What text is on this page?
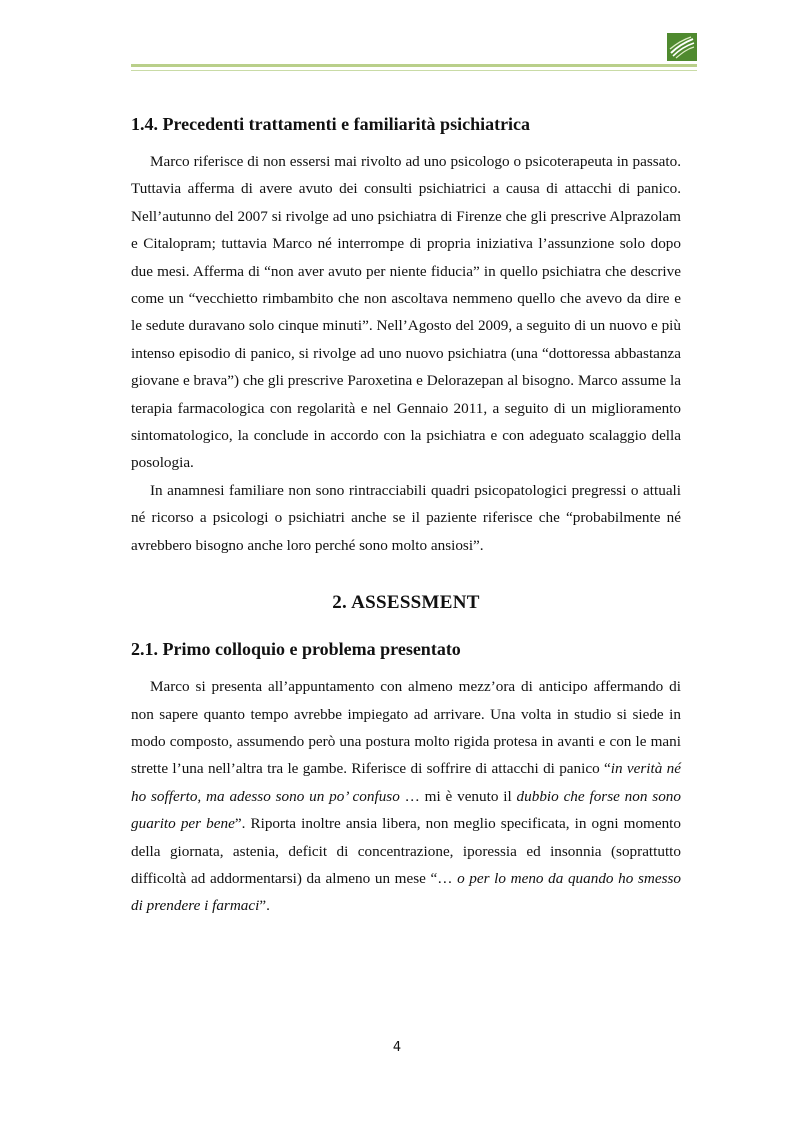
1.4. Precedenti trattamenti e familiarità psichiatrica

Marco riferisce di non essersi mai rivolto ad uno psicologo o psicoterapeuta in passato. Tuttavia afferma di avere avuto dei consulti psichiatrici a causa di attacchi di panico. Nell’autunno del 2007 si rivolge ad uno psichiatra di Firenze che gli prescrive Alprazolam e Citalopram; tuttavia Marco né interrompe di propria iniziativa l’assunzione solo dopo due mesi. Afferma di “non aver avuto per niente fiducia” in quello psichiatra che descrive come un “vecchietto rimbambito che non ascoltava nemmeno quello che avevo da dire e le sedute duravano solo cinque minuti”. Nell’Agosto del 2009, a seguito di un nuovo e più intenso episodio di panico, si rivolge ad uno nuovo psichiatra (una “dottoressa abbastanza giovane e brava”) che gli prescrive Paroxetina e Delorazepan al bisogno. Marco assume la terapia farmacologica con regolarità e nel Gennaio 2011, a seguito di un miglioramento sintomatologico, la conclude in accordo con la psichiatra e con adeguato scalaggio della posologia.

In anamnesi familiare non sono rintracciabili quadri psicopatologici pregressi o attuali né ricorso a psicologi o psichiatri anche se il paziente riferisce che “probabilmente né avrebbero bisogno anche loro perché sono molto ansiosi”.

2. ASSESSMENT
2.1. Primo colloquio e problema presentato

Marco si presenta all’appuntamento con almeno mezz’ora di anticipo affermando di non sapere quanto tempo avrebbe impiegato ad arrivare. Una volta in studio si siede in modo composto, assumendo però una postura molto rigida protesa in avanti e con le mani strette l’una nell’altra tra le gambe. Riferisce di soffrire di attacchi di panico “in verità né ho sofferto, ma adesso sono un po’ confuso … mi è venuto il dubbio che forse non sono guarito per bene”. Riporta inoltre ansia libera, non meglio specificata, in ogni momento della giornata, astenia, deficit di concentrazione, iporessia ed insonnia (soprattutto difficoltà ad addormentarsi) da almeno un mese “… o per lo meno da quando ho smesso di prendere i farmaci”.

4
